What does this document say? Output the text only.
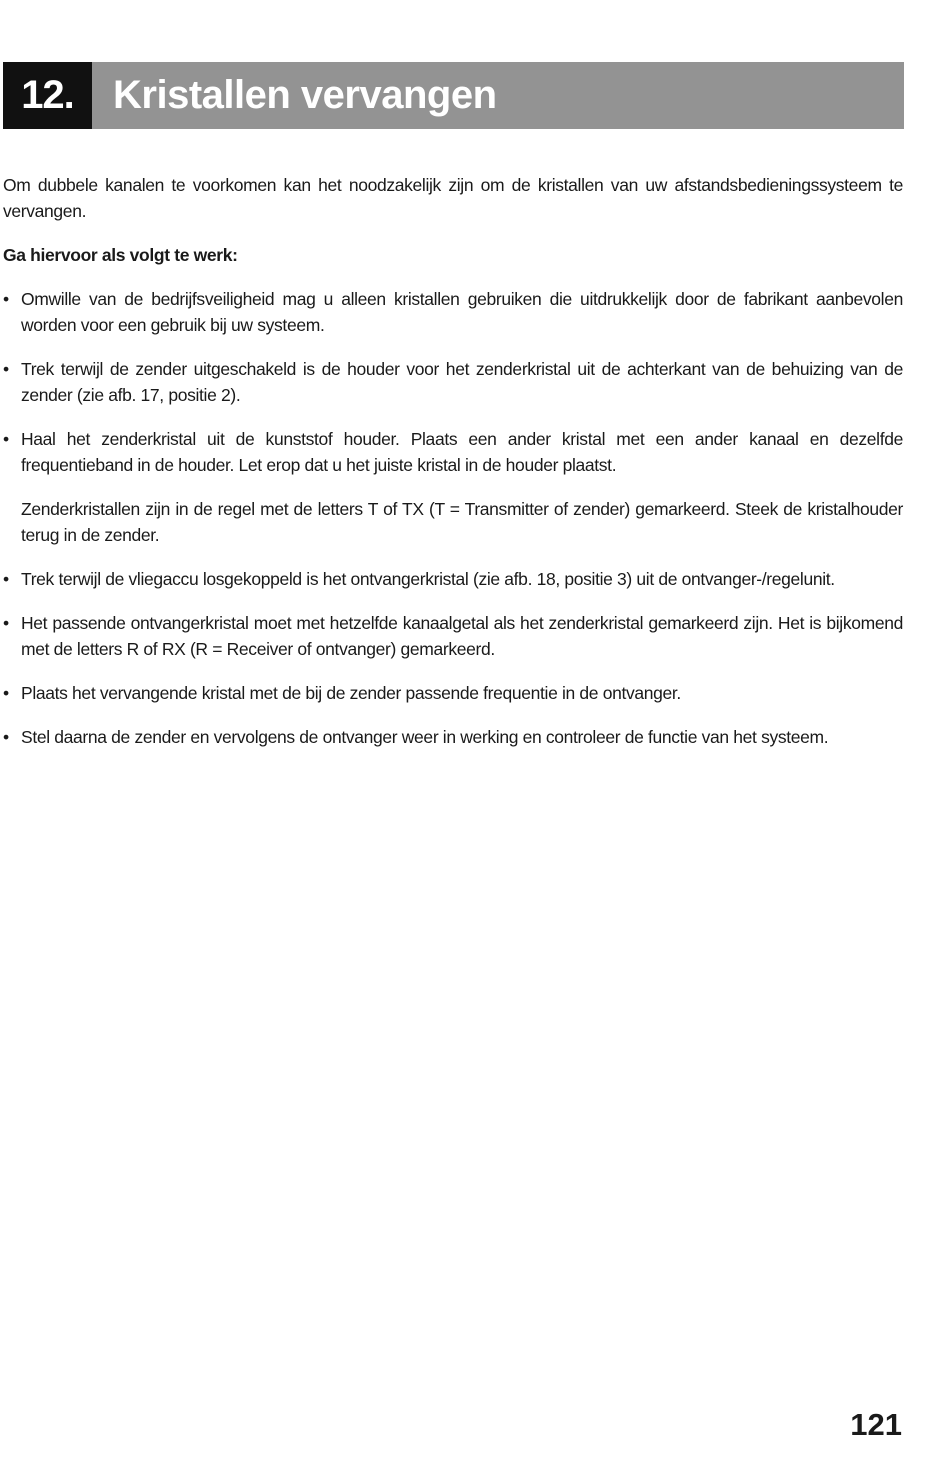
12. Kristallen vervangen

Om dubbele kanalen te voorkomen kan het noodzakelijk zijn om de kristallen van uw afstandsbedieningssysteem te vervangen.

Ga hiervoor als volgt te werk:

• Omwille van de bedrijfsveiligheid mag u alleen kristallen gebruiken die uitdrukkelijk door de fabrikant aanbevolen worden voor een gebruik bij uw systeem.
• Trek terwijl de zender uitgeschakeld is de houder voor het zenderkristal uit de achterkant van de behuizing van de zender (zie afb. 17, positie 2).
• Haal het zenderkristal uit de kunststof houder. Plaats een ander kristal met een ander kanaal en dezelfde frequentieband in de houder. Let erop dat u het juiste kristal in de houder plaatst.

Zenderkristallen zijn in de regel met de letters T of TX (T = Transmitter of zender) gemarkeerd. Steek de kristalhouder terug in de zender.

• Trek terwijl de vliegaccu losgekoppeld is het ontvangerkristal (zie afb. 18, positie 3) uit de ontvanger-/regelunit.
• Het passende ontvangerkristal moet met hetzelfde kanaalgetal als het zenderkristal gemarkeerd zijn. Het is bijkomend met de letters R of RX (R = Receiver of ontvanger) gemarkeerd.
• Plaats het vervangende kristal met de bij de zender passende frequentie in de ontvanger.
• Stel daarna de zender en vervolgens de ontvanger weer in werking en controleer de functie van het systeem.
121
